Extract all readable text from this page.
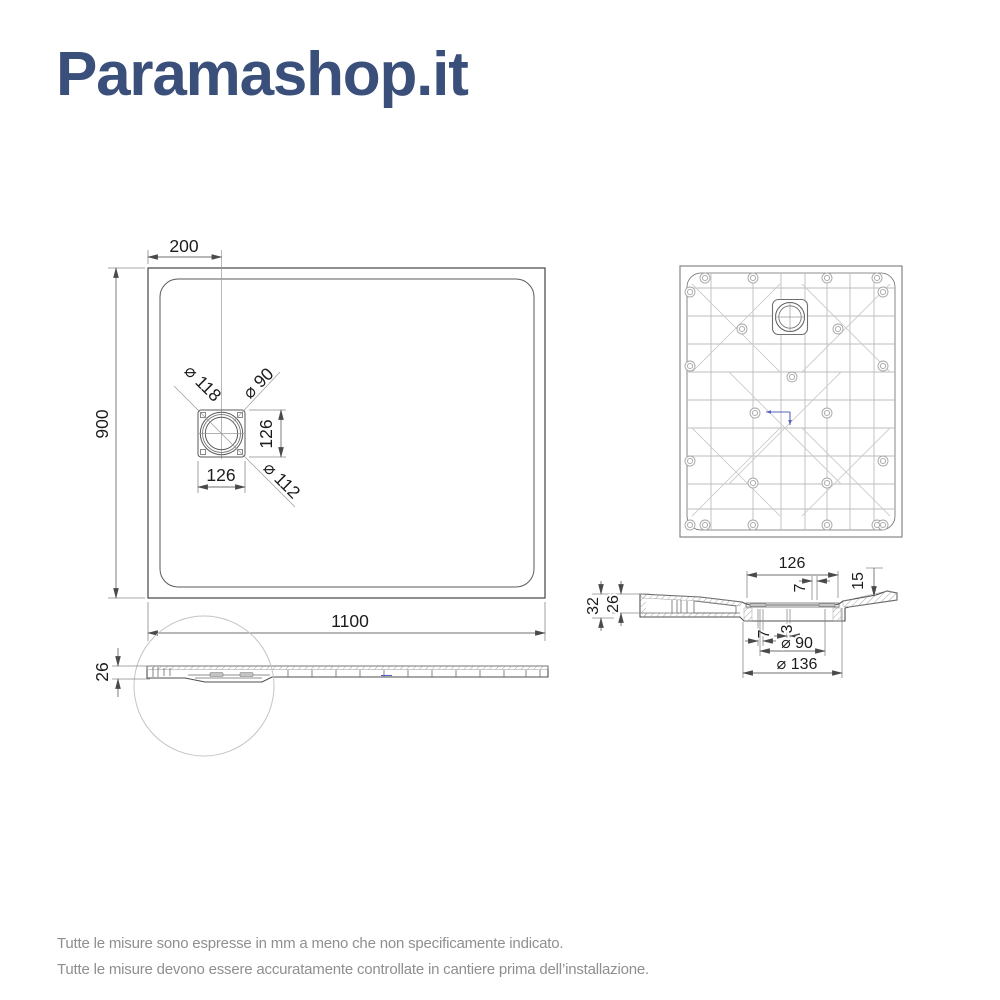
Paramashop.it
⌀ 118 ⌀ 90
⌀ 112
200
900
1100
126
126
26
126
7	15
32 26
7
3
⌀ 90
⌀ 136
Tutte le misure sono espresse in mm a meno che non specificamente indicato.
Tutte le misure devono essere accuratamente controllate in cantiere prima dell’installazione.
